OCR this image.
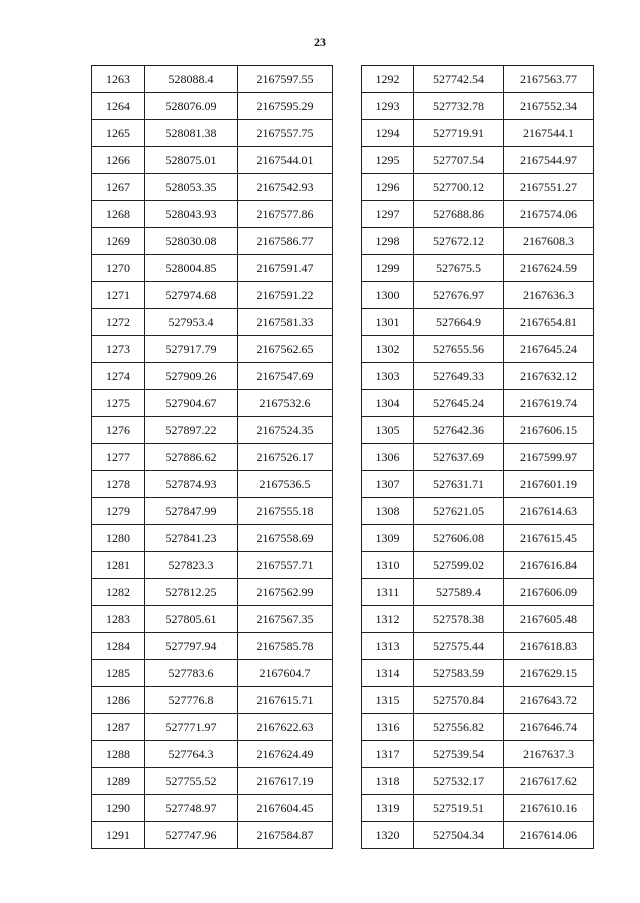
23
1263	528088.4	2167597.55
1264	528076.09	2167595.29
1265	528081.38	2167557.75
1266	528075.01	2167544.01
1267	528053.35	2167542.93
1268	528043.93	2167577.86
1269	528030.08	2167586.77
1270	528004.85	2167591.47
1271	527974.68	2167591.22
1272	527953.4	2167581.33
1273	527917.79	2167562.65
1274	527909.26	2167547.69
1275	527904.67	2167532.6
1276	527897.22	2167524.35
1277	527886.62	2167526.17
1278	527874.93	2167536.5
1279	527847.99	2167555.18
1280	527841.23	2167558.69
1281	527823.3	2167557.71
1282	527812.25	2167562.99
1283	527805.61	2167567.35
1284	527797.94	2167585.78
1285	527783.6	2167604.7
1286	527776.8	2167615.71
1287	527771.97	2167622.63
1288	527764.3	2167624.49
1289	527755.52	2167617.19
1290	527748.97	2167604.45
1291	527747.96	2167584.87
1292	527742.54	2167563.77
1293	527732.78	2167552.34
1294	527719.91	2167544.1
1295	527707.54	2167544.97
1296	527700.12	2167551.27
1297	527688.86	2167574.06
1298	527672.12	2167608.3
1299	527675.5	2167624.59
1300	527676.97	2167636.3
1301	527664.9	2167654.81
1302	527655.56	2167645.24
1303	527649.33	2167632.12
1304	527645.24	2167619.74
1305	527642.36	2167606.15
1306	527637.69	2167599.97
1307	527631.71	2167601.19
1308	527621.05	2167614.63
1309	527606.08	2167615.45
1310	527599.02	2167616.84
1311	527589.4	2167606.09
1312	527578.38	2167605.48
1313	527575.44	2167618.83
1314	527583.59	2167629.15
1315	527570.84	2167643.72
1316	527556.82	2167646.74
1317	527539.54	2167637.3
1318	527532.17	2167617.62
1319	527519.51	2167610.16
1320	527504.34	2167614.06
